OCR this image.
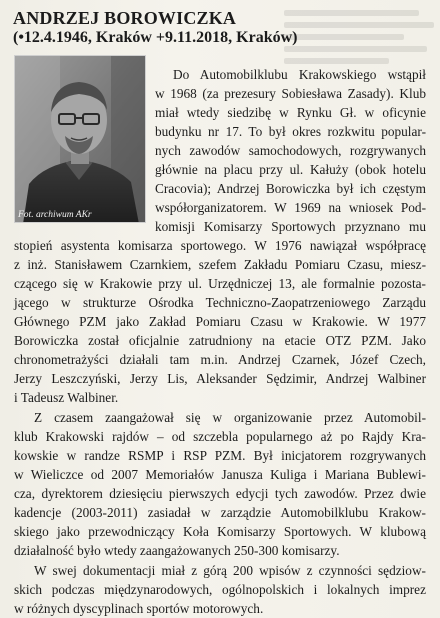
ANDRZEJ BOROWICZKA
(•12.4.1946, Kraków +9.11.2018, Kraków)
Fot. archiwum AKr
Do Automobilklubu Krakowskiego wstąpił
w 1968 (za prezesury Sobiesława Zasady). Klub
miał wtedy siedzibę w Rynku Gł. w oficynie
budynku nr 17. To był okres rozkwitu popular-
nych zawodów samochodowych, rozgrywanych
głównie na placu przy ul. Kałuży (obok hotelu
Cracovia); Andrzej Borowiczka był ich częstym
współorganizatorem. W 1969 na wniosek Pod-
komisji Komisarzy Sportowych przyznano mu
stopień asystenta komisarza sportowego. W 1976 nawiązał współpracę
z inż. Stanisławem Czarnkiem, szefem Zakładu Pomiaru Czasu, miesz-
czącego się w Krakowie przy ul. Urzędniczej 13, ale formalnie pozosta-
jącego w strukturze Ośrodka Techniczno-Zaopatrzeniowego Zarządu
Głównego PZM jako Zakład Pomiaru Czasu w Krakowie. W 1977
Borowiczka został oficjalnie zatrudniony na etacie OTZ PZM. Jako
chronometrażyści działali tam m.in. Andrzej Czarnek, Józef Czech,
Jerzy Leszczyński, Jerzy Lis, Aleksander Sędzimir, Andrzej Walbiner
i Tadeusz Walbiner.
Z czasem zaangażował się w organizowanie przez Automobil-
klub Krakowski rajdów – od szczebla popularnego aż po Rajdy Kra-
kowskie w randze RSMP i RSP PZM. Był inicjatorem rozgrywanych
w Wieliczce od 2007 Memoriałów Janusza Kuliga i Mariana Bublewi-
cza, dyrektorem dziesięciu pierwszych edycji tych zawodów. Przez dwie
kadencje (2003-2011) zasiadał w zarządzie Automobilklubu Krakow-
skiego jako przewodniczący Koła Komisarzy Sportowych. W klubową
działalność było wtedy zaangażowanych 250-300 komisarzy.
W swej dokumentacji miał z górą 200 wpisów z czynności sędziow-
skich podczas międzynarodowych, ogólnopolskich i lokalnych imprez
w różnych dyscyplinach sportów motorowych.
